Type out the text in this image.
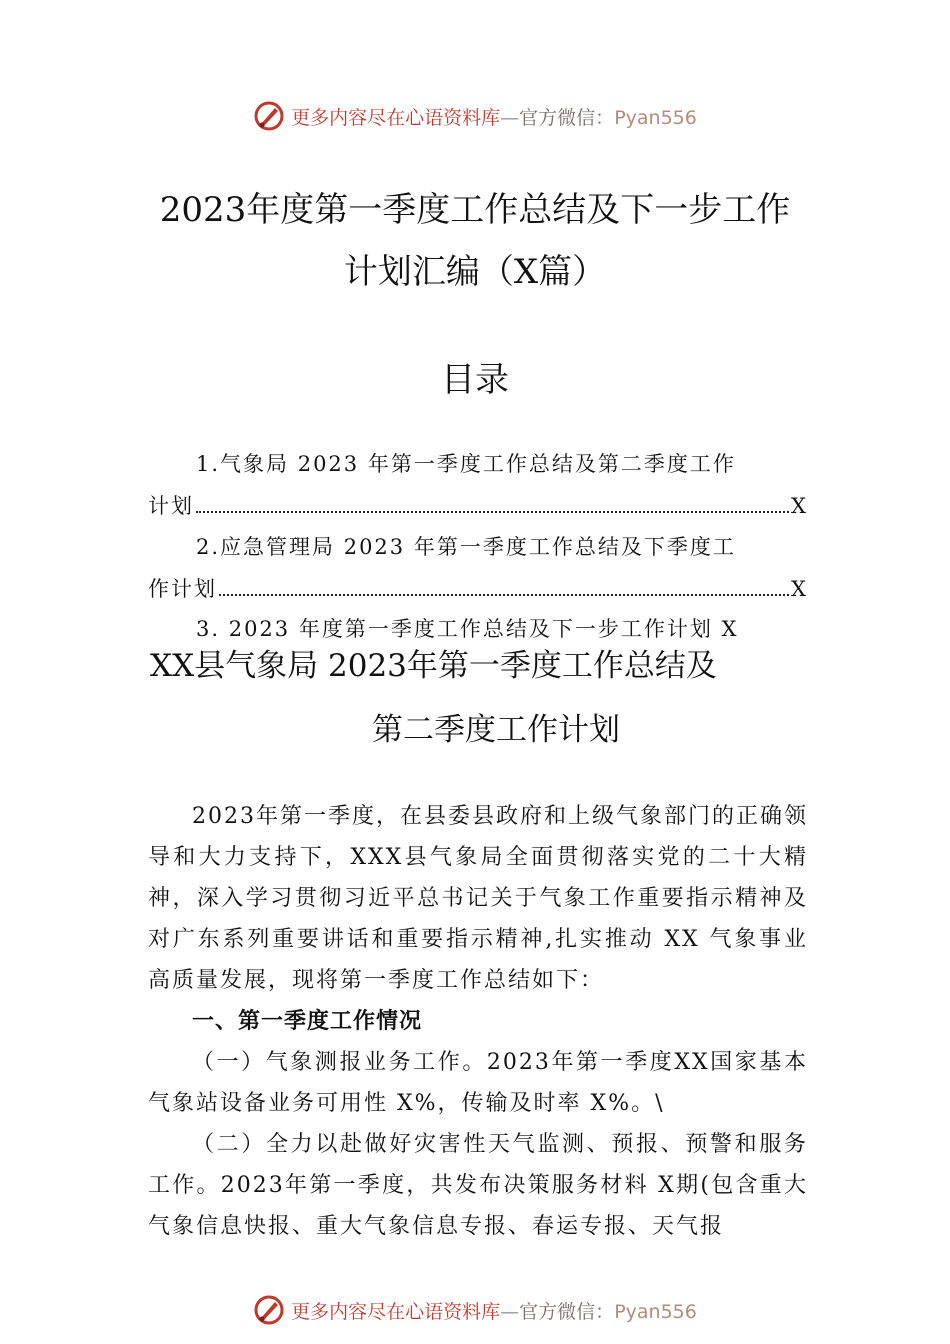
更多内容尽在心语资料库—官方微信：Pyan556
2023年度第一季度工作总结及下一步工作
计划汇编（X篇）
目录
1.气象局 2023 年第一季度工作总结及第二季度工作
计划	X
2.应急管理局 2023 年第一季度工作总结及下季度工
作计划	X
3. 2023 年度第一季度工作总结及下一步工作计划 X
XX县气象局 2023年第一季度工作总结及
第二季度工作计划

2023年第一季度，在县委县政府和上级气象部门的正确领导和大力支持下，XXX县气象局全面贯彻落实党的二十大精神，深入学习贯彻习近平总书记关于气象工作重要指示精神及对广东系列重要讲话和重要指示精神,扎实推动 XX 气象事业高质量发展，现将第一季度工作总结如下：

一、第一季度工作情况

（一）气象测报业务工作。2023年第一季度XX国家基本气象站设备业务可用性 X%，传输及时率 X%。\

（二）全力以赴做好灾害性天气监测、预报、预警和服务工作。2023年第一季度，共发布决策服务材料 X期(包含重大气象信息快报、重大气象信息专报、春运专报、天气报

更多内容尽在心语资料库—官方微信：Pyan556
